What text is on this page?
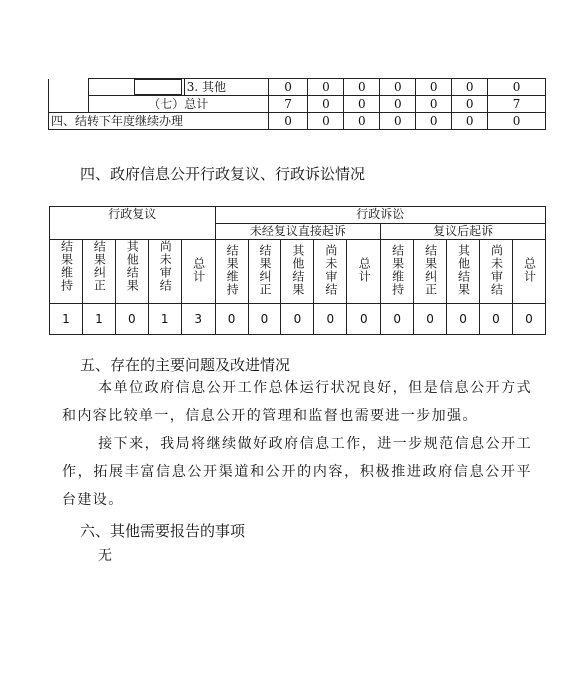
		3. 其他	0	0	0	0	0	0	0
	（七）总计		7	0	0	0	0	0	7
四、结转下年度继续办理			0	0	0	0	0	0	0
四、政府信息公开行政复议、行政诉讼情况
行政复议					行政诉讼									
					未经复议直接起诉					复议后起诉				
结果维持	结果纠正	其他结果	尚未审结	总计	结果维持	结果纠正	其他结果	尚未审结	总计	结果维持	结果纠正	其他结果	尚未审结	总计
1	1	0	1	3	0	0	0	0	0	0	0	0	0	0
五、存在的主要问题及改进情况
本单位政府信息公开工作总体运行状况良好，但是信息公开方式和内容比较单一，信息公开的管理和监督也需要进一步加强。
接下来，我局将继续做好政府信息工作，进一步规范信息公开工作，拓展丰富信息公开渠道和公开的内容，积极推进政府信息公开平台建设。
六、其他需要报告的事项
无
